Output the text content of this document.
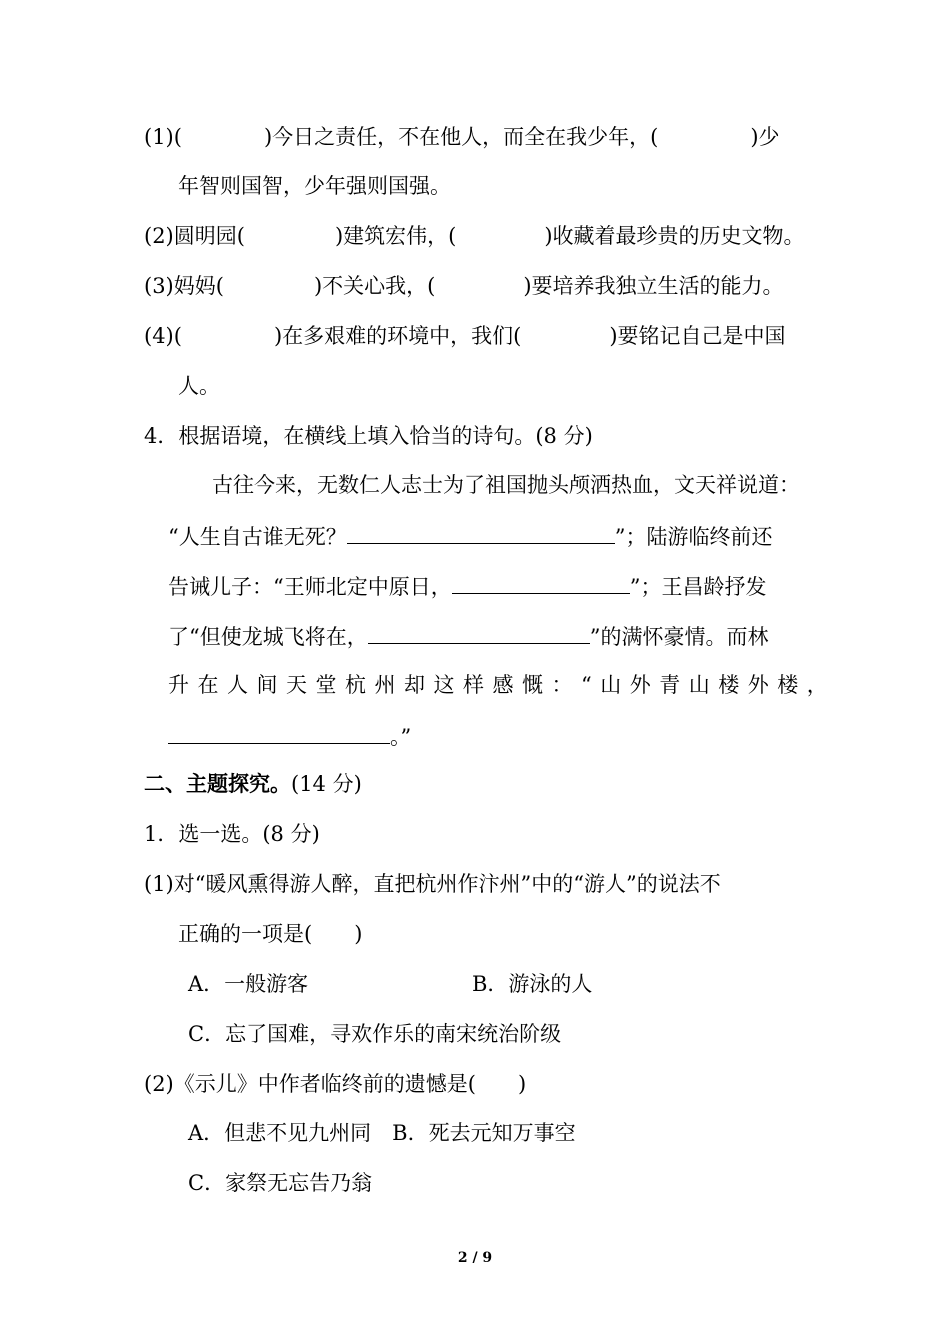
(1)(	)今日之责任，不在他人，而全在我少年，(	)少
年智则国智，少年强则国强。
(2)圆明园(	)建筑宏伟，(	)收藏着最珍贵的历史文物。
(3)妈妈(	)不关心我，(	)要培养我独立生活的能力。
(4)(	)在多艰难的环境中，我们(	)要铭记自己是中国
人。
4．根据语境，在横线上填入恰当的诗句。(8 分)
古往今来，无数仁人志士为了祖国抛头颅洒热血，文天祥说道：
“人生自古谁无死？	”；陆游临终前还
告诫儿子：“王师北定中原日，	”；王昌龄抒发
了“但使龙城飞将在，	”的满怀豪情。而林
升在人间天堂杭州却这样感慨：“山外青山楼外楼，
。”
二、主题探究。(14 分)
1．选一选。(8 分)
(1)对“暖风熏得游人醉，直把杭州作汴州”中的“游人”的说法不
正确的一项是(　　)
A．一般游客	B．游泳的人
C．忘了国难，寻欢作乐的南宋统治阶级
(2)《示儿》中作者临终前的遗憾是(　　)
A．但悲不见九州同　B．死去元知万事空
C．家祭无忘告乃翁
2 / 9
